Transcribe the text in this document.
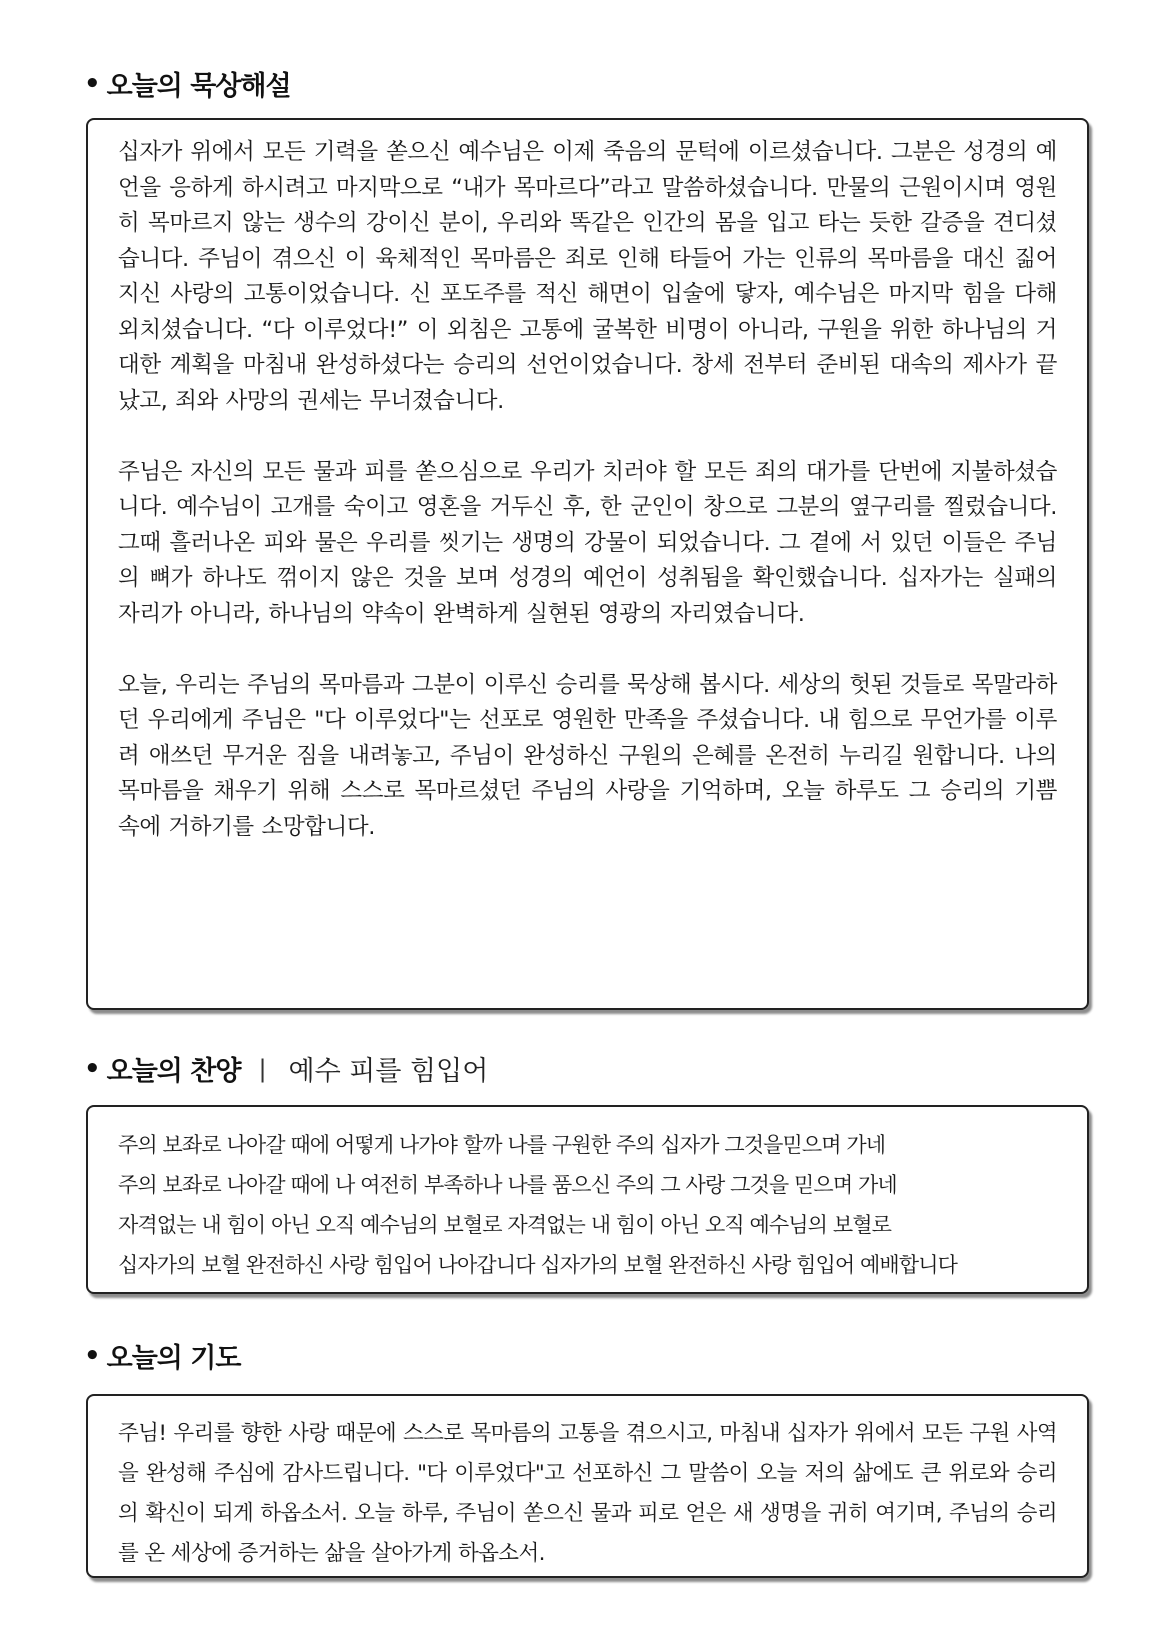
• 오늘의 묵상해설

십자가 위에서 모든 기력을 쏟으신 예수님은 이제 죽음의 문턱에 이르셨습니다. 그분은 성경의 예언을 응하게 하시려고 마지막으로 “내가 목마르다”라고 말씀하셨습니다. 만물의 근원이시며 영원히 목마르지 않는 생수의 강이신 분이, 우리와 똑같은 인간의 몸을 입고 타는 듯한 갈증을 견디셨습니다. 주님이 겪으신 이 육체적인 목마름은 죄로 인해 타들어 가는 인류의 목마름을 대신 짊어지신 사랑의 고통이었습니다. 신 포도주를 적신 해면이 입술에 닿자, 예수님은 마지막 힘을 다해 외치셨습니다. “다 이루었다!” 이 외침은 고통에 굴복한 비명이 아니라, 구원을 위한 하나님의 거대한 계획을 마침내 완성하셨다는 승리의 선언이었습니다. 창세 전부터 준비된 대속의 제사가 끝났고, 죄와 사망의 권세는 무너졌습니다.

주님은 자신의 모든 물과 피를 쏟으심으로 우리가 치러야 할 모든 죄의 대가를 단번에 지불하셨습니다. 예수님이 고개를 숙이고 영혼을 거두신 후, 한 군인이 창으로 그분의 옆구리를 찔렀습니다. 그때 흘러나온 피와 물은 우리를 씻기는 생명의 강물이 되었습니다. 그 곁에 서 있던 이들은 주님의 뼈가 하나도 꺾이지 않은 것을 보며 성경의 예언이 성취됨을 확인했습니다. 십자가는 실패의 자리가 아니라, 하나님의 약속이 완벽하게 실현된 영광의 자리였습니다.

오늘, 우리는 주님의 목마름과 그분이 이루신 승리를 묵상해 봅시다. 세상의 헛된 것들로 목말라하던 우리에게 주님은 "다 이루었다"는 선포로 영원한 만족을 주셨습니다. 내 힘으로 무언가를 이루려 애쓰던 무거운 짐을 내려놓고, 주님이 완성하신 구원의 은혜를 온전히 누리길 원합니다. 나의 목마름을 채우기 위해 스스로 목마르셨던 주님의 사랑을 기억하며, 오늘 하루도 그 승리의 기쁨 속에 거하기를 소망합니다.

• 오늘의 찬양 | 예수 피를 힘입어

주의 보좌로 나아갈 때에 어떻게 나가야 할까 나를 구원한 주의 십자가 그것을믿으며 가네

주의 보좌로 나아갈 때에 나 여전히 부족하나 나를 품으신 주의 그 사랑 그것을 믿으며 가네

자격없는 내 힘이 아닌 오직 예수님의 보혈로 자격없는 내 힘이 아닌 오직 예수님의 보혈로

십자가의 보혈 완전하신 사랑 힘입어 나아갑니다 십자가의 보혈 완전하신 사랑 힘입어 예배합니다

• 오늘의 기도

주님! 우리를 향한 사랑 때문에 스스로 목마름의 고통을 겪으시고, 마침내 십자가 위에서 모든 구원 사역을 완성해 주심에 감사드립니다. "다 이루었다"고 선포하신 그 말씀이 오늘 저의 삶에도 큰 위로와 승리의 확신이 되게 하옵소서. 오늘 하루, 주님이 쏟으신 물과 피로 얻은 새 생명을 귀히 여기며, 주님의 승리를 온 세상에 증거하는 삶을 살아가게 하옵소서.
